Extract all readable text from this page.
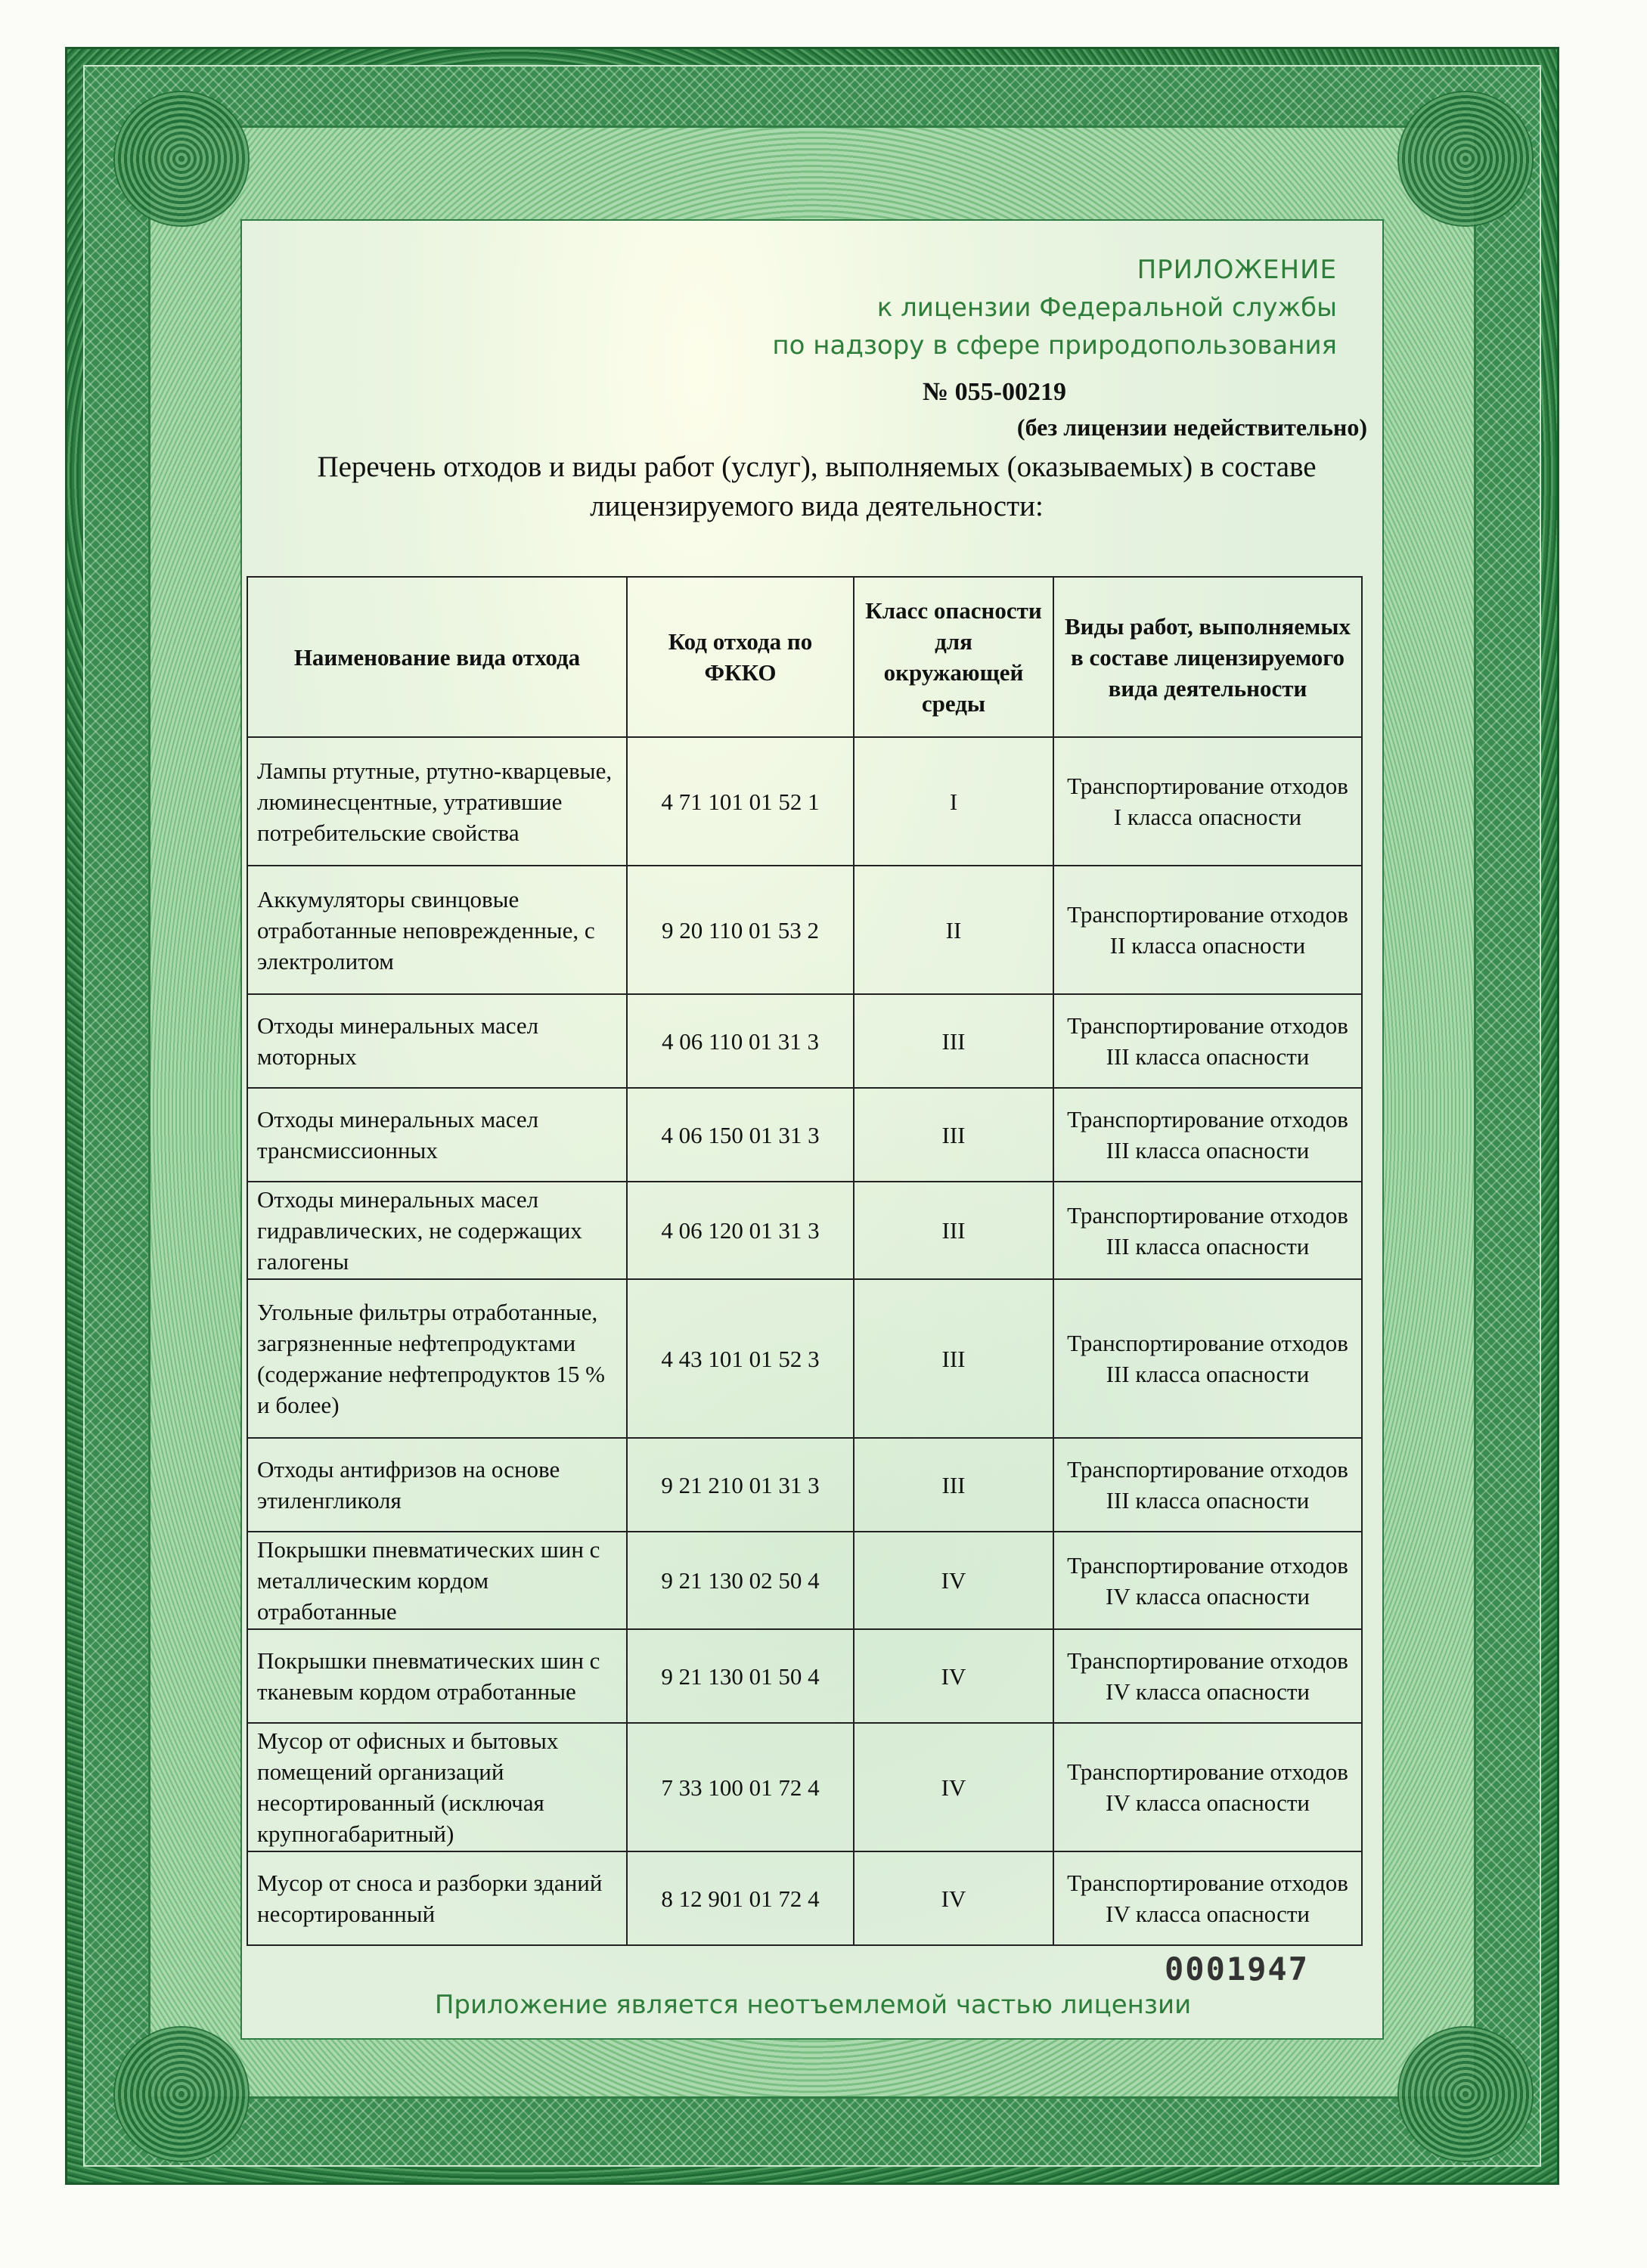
ПРИЛОЖЕНИЕ
к лицензии Федеральной службы
по надзору в сфере природопользования
№ 055-00219
(без лицензии недействительно)
Перечень отходов и виды работ (услуг), выполняемых (оказываемых) в составе лицензируемого вида деятельности:
Наименование вида отхода	Код отхода по ФККО	Класс опасности для окружающей среды	Виды работ, выполняемых в составе лицензируемого вида деятельности
Лампы ртутные, ртутно-кварцевые, люминесцентные, утратившие потребительские свойства	4 71 101 01 52 1	I	Транспортирование отходов I класса опасности
Аккумуляторы свинцовые отработанные неповрежденные, с электролитом	9 20 110 01 53 2	II	Транспортирование отходов II класса опасности
Отходы минеральных масел моторных	4 06 110 01 31 3	III	Транспортирование отходов III класса опасности
Отходы минеральных масел трансмиссионных	4 06 150 01 31 3	III	Транспортирование отходов III класса опасности
Отходы минеральных масел гидравлических, не содержащих галогены	4 06 120 01 31 3	III	Транспортирование отходов III класса опасности
Угольные фильтры отработанные, загрязненные нефтепродуктами (содержание нефтепродуктов 15 % и более)	4 43 101 01 52 3	III	Транспортирование отходов III класса опасности
Отходы антифризов на основе этиленгликоля	9 21 210 01 31 3	III	Транспортирование отходов III класса опасности
Покрышки пневматических шин с металлическим кордом отработанные	9 21 130 02 50 4	IV	Транспортирование отходов IV класса опасности
Покрышки пневматических шин с тканевым кордом отработанные	9 21 130 01 50 4	IV	Транспортирование отходов IV класса опасности
Мусор от офисных и бытовых помещений организаций несортированный (исключая крупногабаритный)	7 33 100 01 72 4	IV	Транспортирование отходов IV класса опасности
Мусор от сноса и разборки зданий несортированный	8 12 901 01 72 4	IV	Транспортирование отходов IV класса опасности
0001947
Приложение является неотъемлемой частью лицензии
